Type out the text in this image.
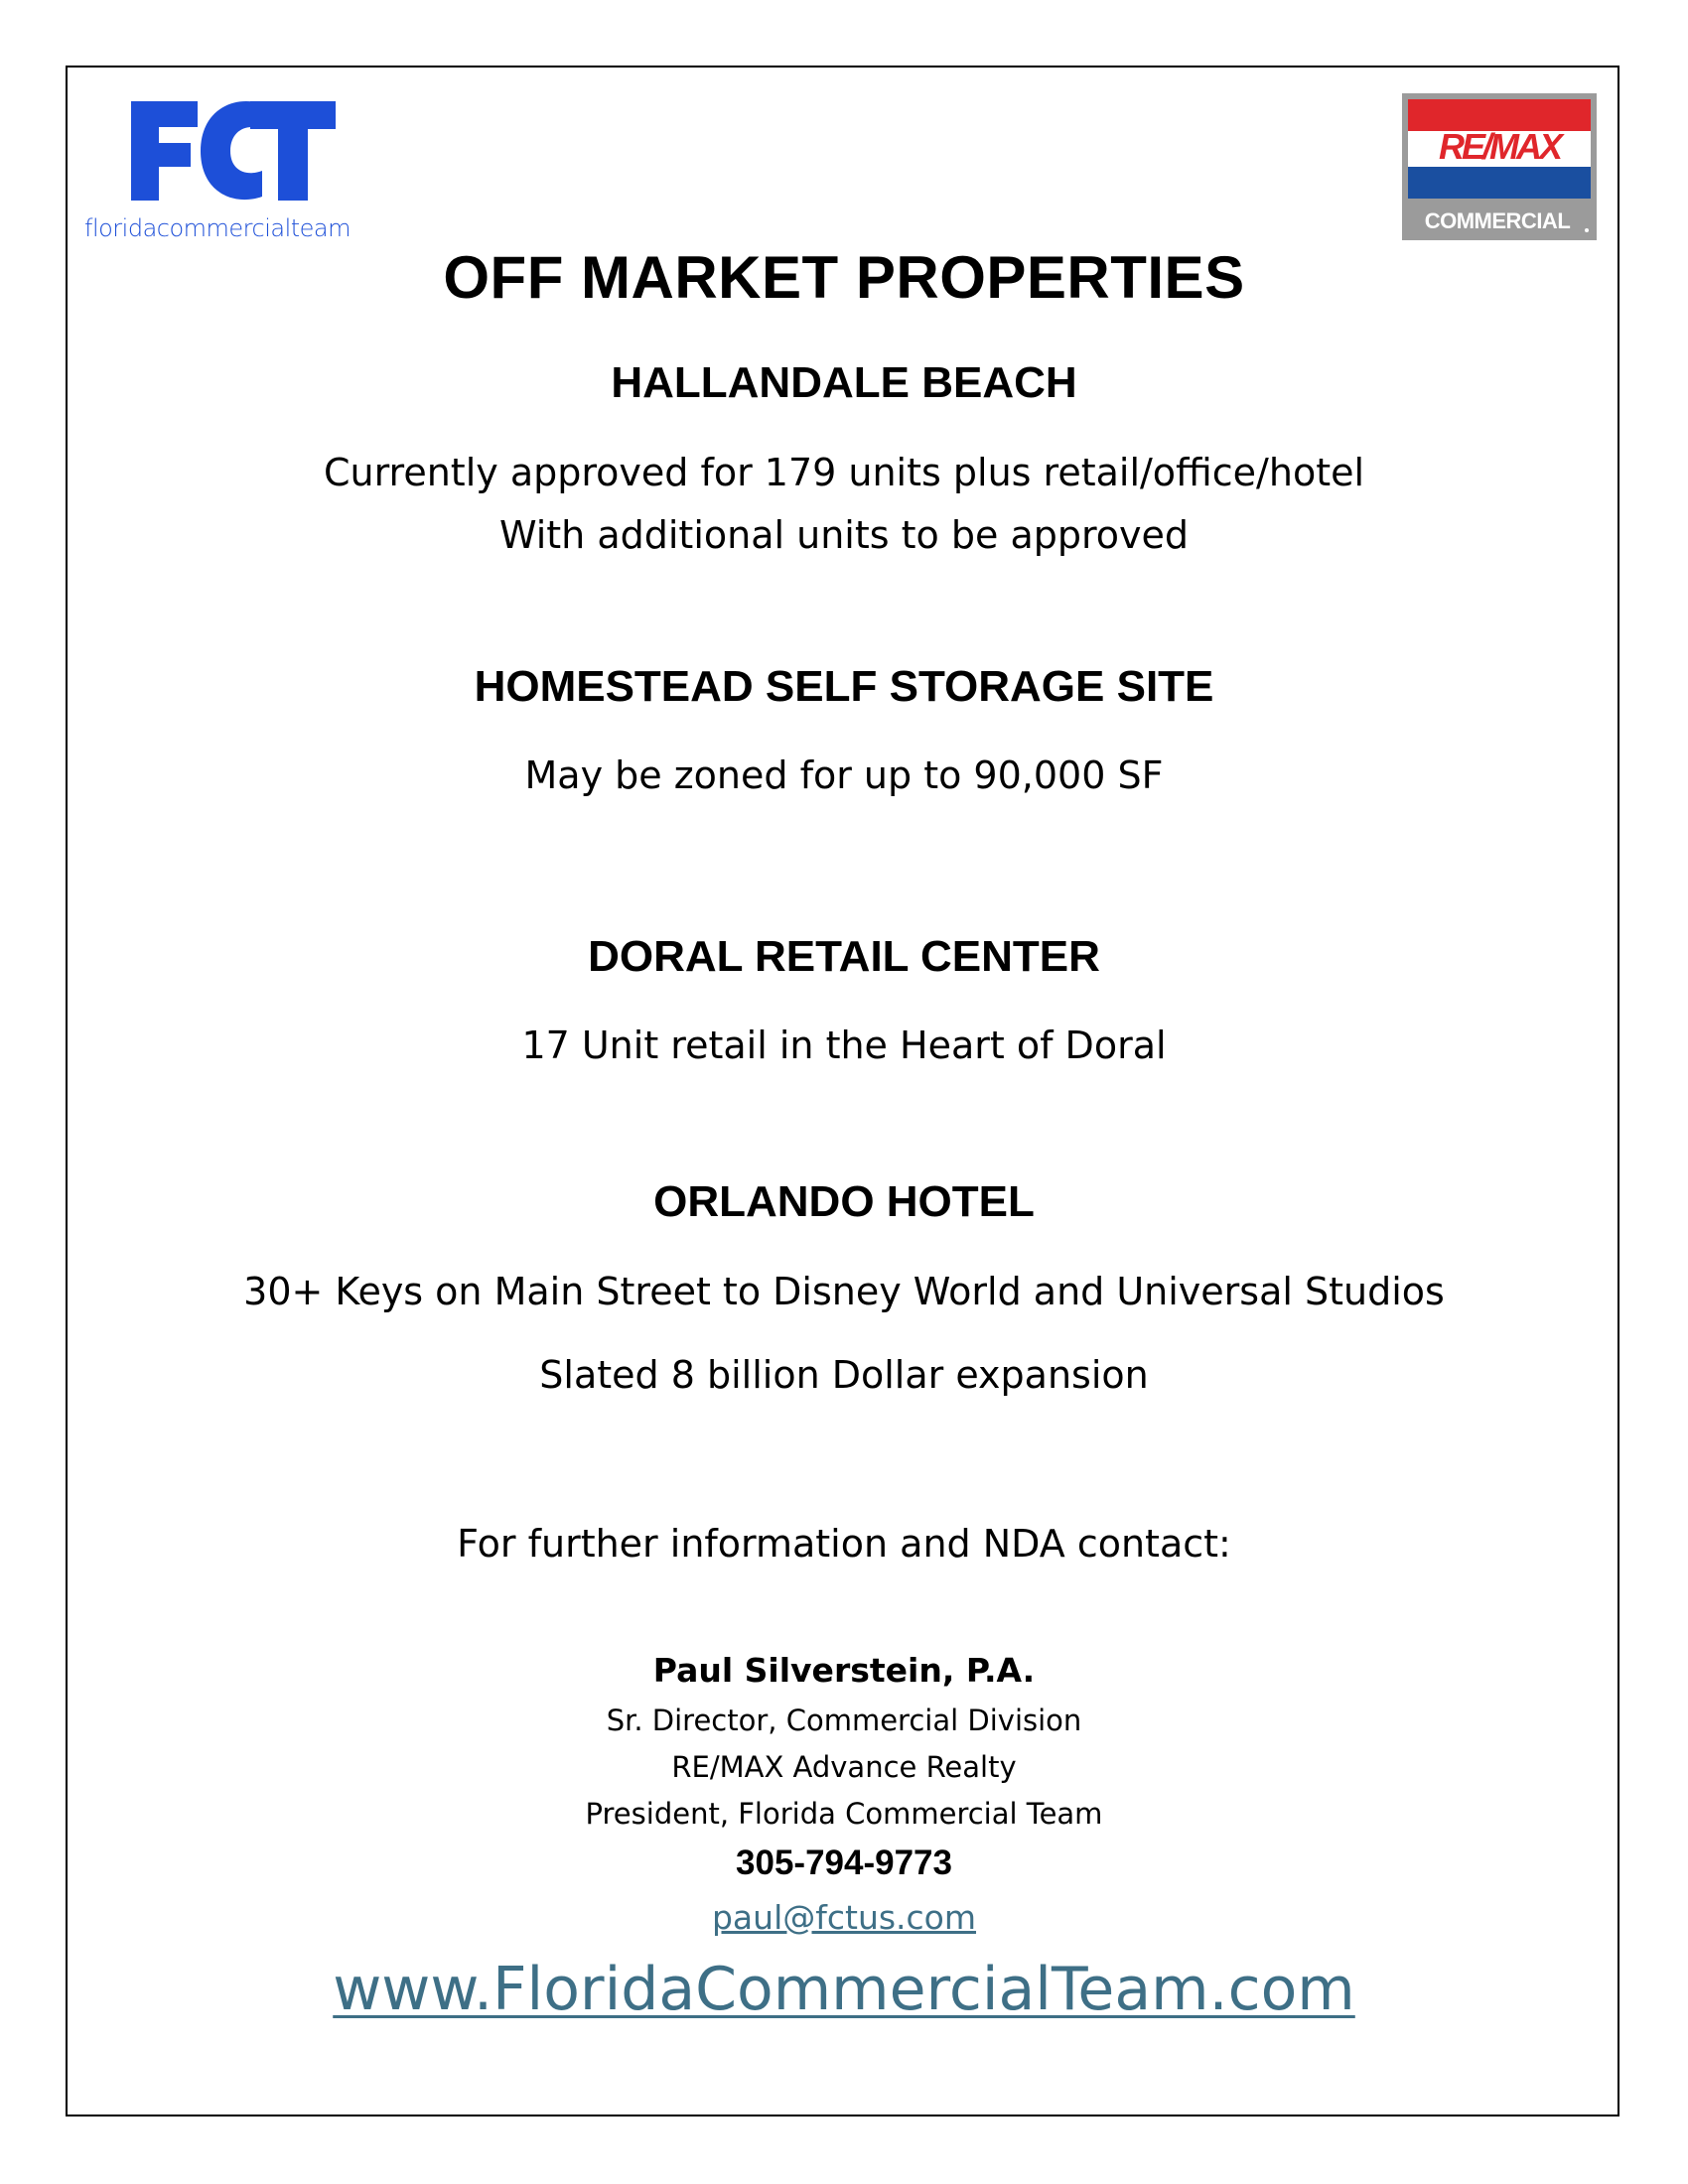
floridacommercialteam
RE/MAX
COMMERCIAL
OFF MARKET PROPERTIES
HALLANDALE BEACH
Currently approved for 179 units plus retail/office/hotel
With additional units to be approved
HOMESTEAD SELF STORAGE SITE
May be zoned for up to 90,000 SF
DORAL RETAIL CENTER
17 Unit retail in the Heart of Doral
ORLANDO HOTEL
30+ Keys on Main Street to Disney World and Universal Studios
Slated 8 billion Dollar expansion
For further information and NDA contact:
Paul Silverstein, P.A.
Sr. Director, Commercial Division
RE/MAX Advance Realty
President, Florida Commercial Team
305-794-9773
paul@fctus.com
www.FloridaCommercialTeam.com
